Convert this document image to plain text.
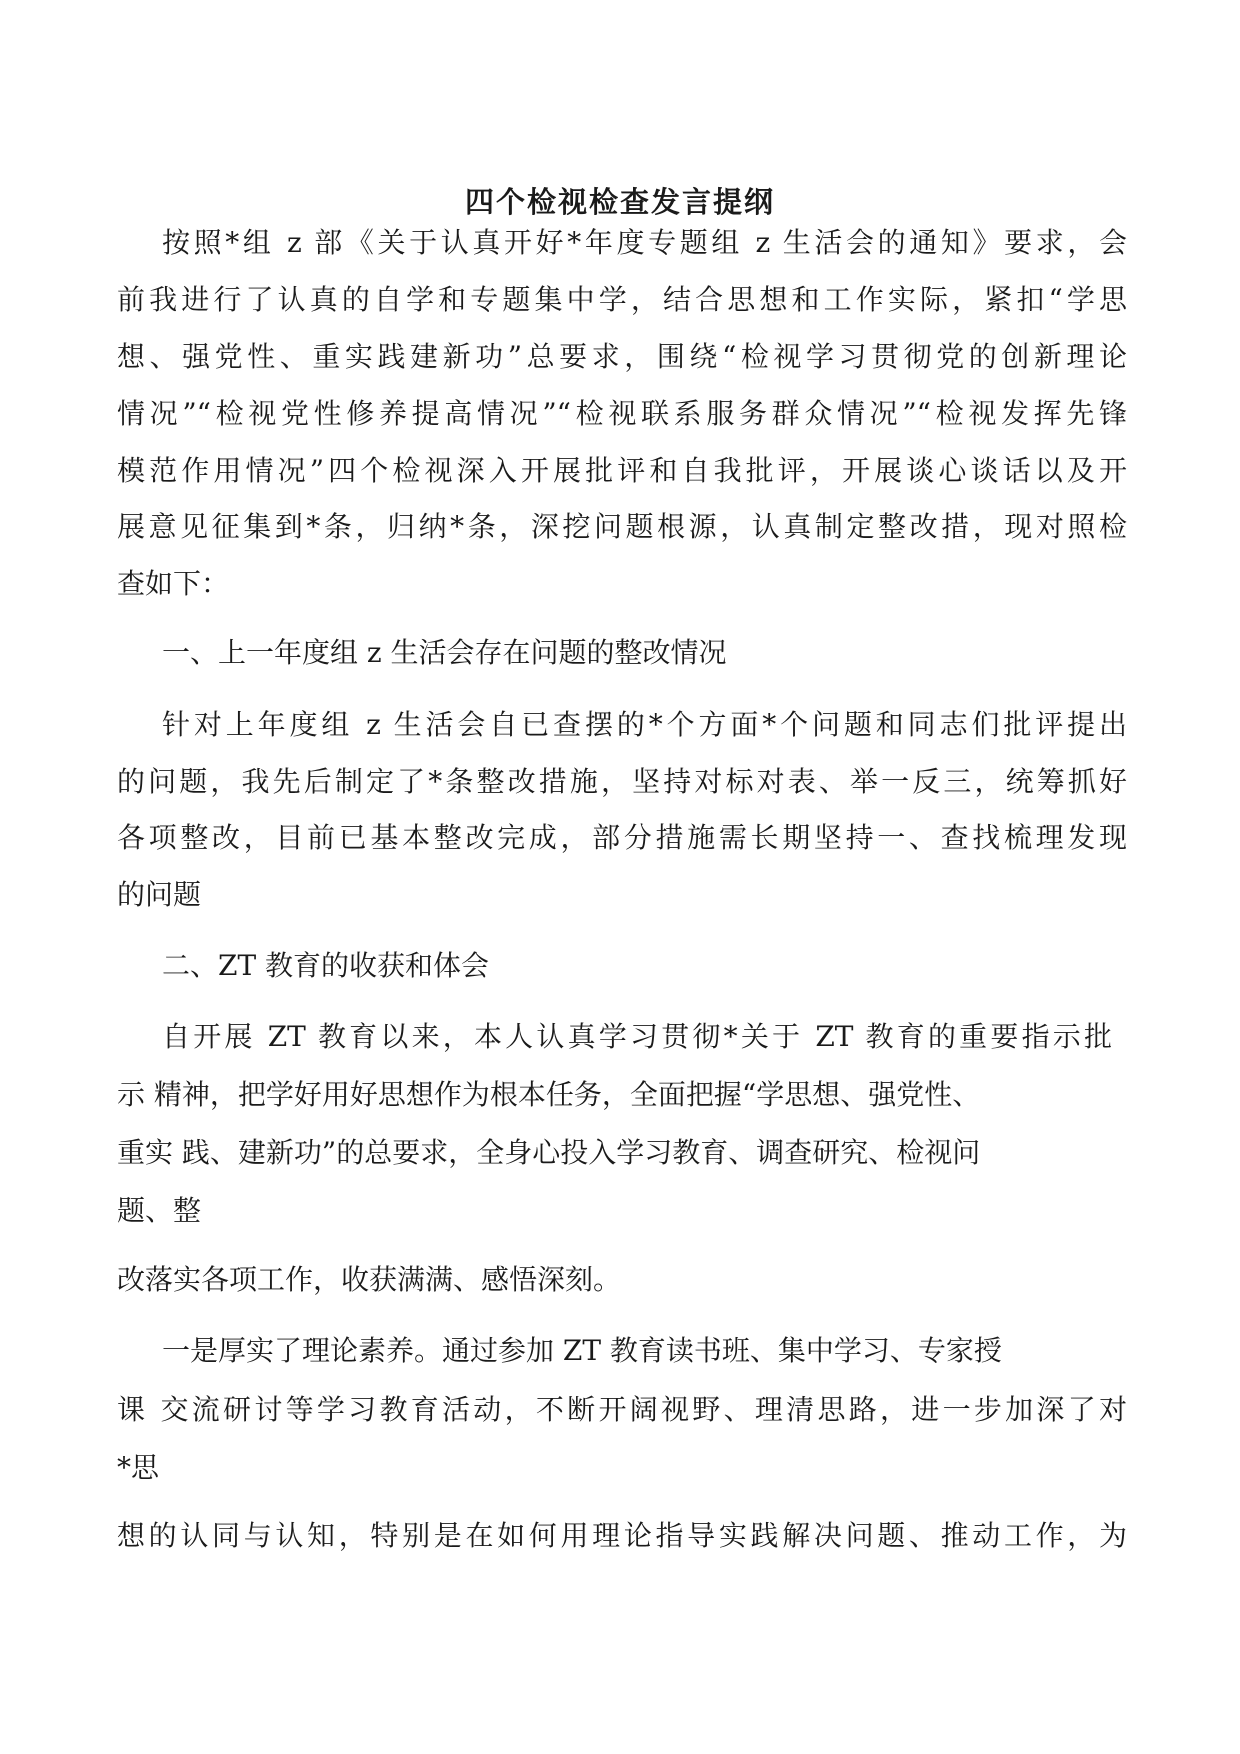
四个检视检查发言提纲
按照*组 z 部《关于认真开好*年度专题组 z 生活会的通知》要求，会
前我进行了认真的自学和专题集中学，结合思想和工作实际，紧扣“学思
想、强党性、重实践建新功”总要求，围绕“检视学习贯彻党的创新理论
情况”“检视党性修养提高情况”“检视联系服务群众情况”“检视发挥先锋
模范作用情况”四个检视深入开展批评和自我批评，开展谈心谈话以及开
展意见征集到*条，归纳*条，深挖问题根源，认真制定整改措，现对照检
查如下：
一、上一年度组 z 生活会存在问题的整改情况
针对上年度组 z 生活会自已查摆的*个方面*个问题和同志们批评提出
的问题，我先后制定了*条整改措施，坚持对标对表、举一反三，统筹抓好
各项整改，目前已基本整改完成，部分措施需长期坚持一、查找梳理发现
的问题
二、ZT 教育的收获和体会
自开展 ZT 教育以来，本人认真学习贯彻*关于 ZT 教育的重要指示批
示 精神，把学好用好思想作为根本任务，全面把握“学思想、强党性、
重实 践、建新功”的总要求，全身心投入学习教育、调查研究、检视问
题、整
改落实各项工作，收获满满、感悟深刻。
一是厚实了理论素养。通过参加 ZT 教育读书班、集中学习、专家授
课 交流研讨等学习教育活动，不断开阔视野、理清思路，进一步加深了对
*思
想的认同与认知，特别是在如何用理论指导实践解决问题、推动工作，为
